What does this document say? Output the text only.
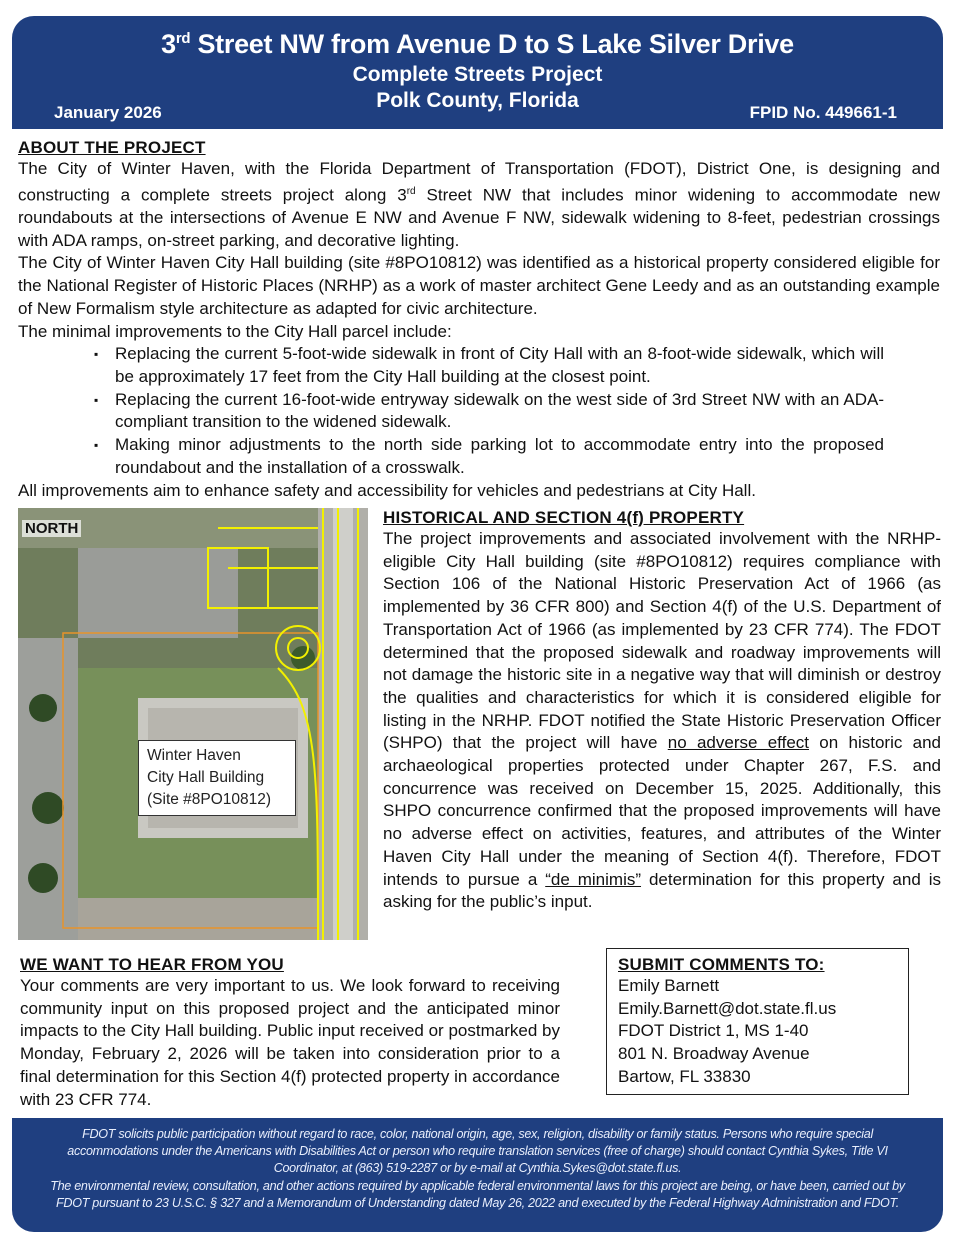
3rd Street NW from Avenue D to S Lake Silver Drive
Complete Streets Project
Polk County, Florida
January 2026	FPID No. 449661-1
ABOUT THE PROJECT

The City of Winter Haven, with the Florida Department of Transportation (FDOT), District One, is designing and constructing a complete streets project along 3rd Street NW that includes minor widening to accommodate new roundabouts at the intersections of Avenue E NW and Avenue F NW, sidewalk widening to 8-feet, pedestrian crossings with ADA ramps, on-street parking, and decorative lighting.

The City of Winter Haven City Hall building (site #8PO10812) was identified as a historical property considered eligible for the National Register of Historic Places (NRHP) as a work of master architect Gene Leedy and as an outstanding example of New Formalism style architecture as adapted for civic architecture.

The minimal improvements to the City Hall parcel include:

▪ Replacing the current 5-foot-wide sidewalk in front of City Hall with an 8-foot-wide sidewalk, which will be approximately 17 feet from the City Hall building at the closest point.
▪ Replacing the current 16-foot-wide entryway sidewalk on the west side of 3rd Street NW with an ADA-compliant transition to the widened sidewalk.
▪ Making minor adjustments to the north side parking lot to accommodate entry into the proposed roundabout and the installation of a crosswalk.

All improvements aim to enhance safety and accessibility for vehicles and pedestrians at City Hall.

NORTH
Winter Haven
City Hall Building
(Site #8PO10812)
HISTORICAL AND SECTION 4(f) PROPERTY

The project improvements and associated involvement with the NRHP-eligible City Hall building (site #8PO10812) requires compliance with Section 106 of the National Historic Preservation Act of 1966 (as implemented by 36 CFR 800) and Section 4(f) of the U.S. Department of Transportation Act of 1966 (as implemented by 23 CFR 774). The FDOT determined that the proposed sidewalk and roadway improvements will not damage the historic site in a negative way that will diminish or destroy the qualities and characteristics for which it is considered eligible for listing in the NRHP. FDOT notified the State Historic Preservation Officer (SHPO) that the project will have no adverse effect on historic and archaeological properties protected under Chapter 267, F.S. and concurrence was received on December 15, 2025. Additionally, this SHPO concurrence confirmed that the proposed improvements will have no adverse effect on activities, features, and attributes of the Winter Haven City Hall under the meaning of Section 4(f). Therefore, FDOT intends to pursue a “de minimis” determination for this property and is asking for the public’s input.

WE WANT TO HEAR FROM YOU

Your comments are very important to us. We look forward to receiving community input on this proposed project and the anticipated minor impacts to the City Hall building. Public input received or postmarked by Monday, February 2, 2026 will be taken into consideration prior to a final determination for this Section 4(f) protected property in accordance with 23 CFR 774.

SUBMIT COMMENTS TO:
Emily Barnett
Emily.Barnett@dot.state.fl.us
FDOT District 1, MS 1-40
801 N. Broadway Avenue
Bartow, FL 33830
FDOT solicits public participation without regard to race, color, national origin, age, sex, religion, disability or family status. Persons who require special accommodations under the Americans with Disabilities Act or person who require translation services (free of charge) should contact Cynthia Sykes, Title VI Coordinator, at (863) 519-2287 or by e-mail at Cynthia.Sykes@dot.state.fl.us.
The environmental review, consultation, and other actions required by applicable federal environmental laws for this project are being, or have been, carried out by FDOT pursuant to 23 U.S.C. § 327 and a Memorandum of Understanding dated May 26, 2022 and executed by the Federal Highway Administration and FDOT.
